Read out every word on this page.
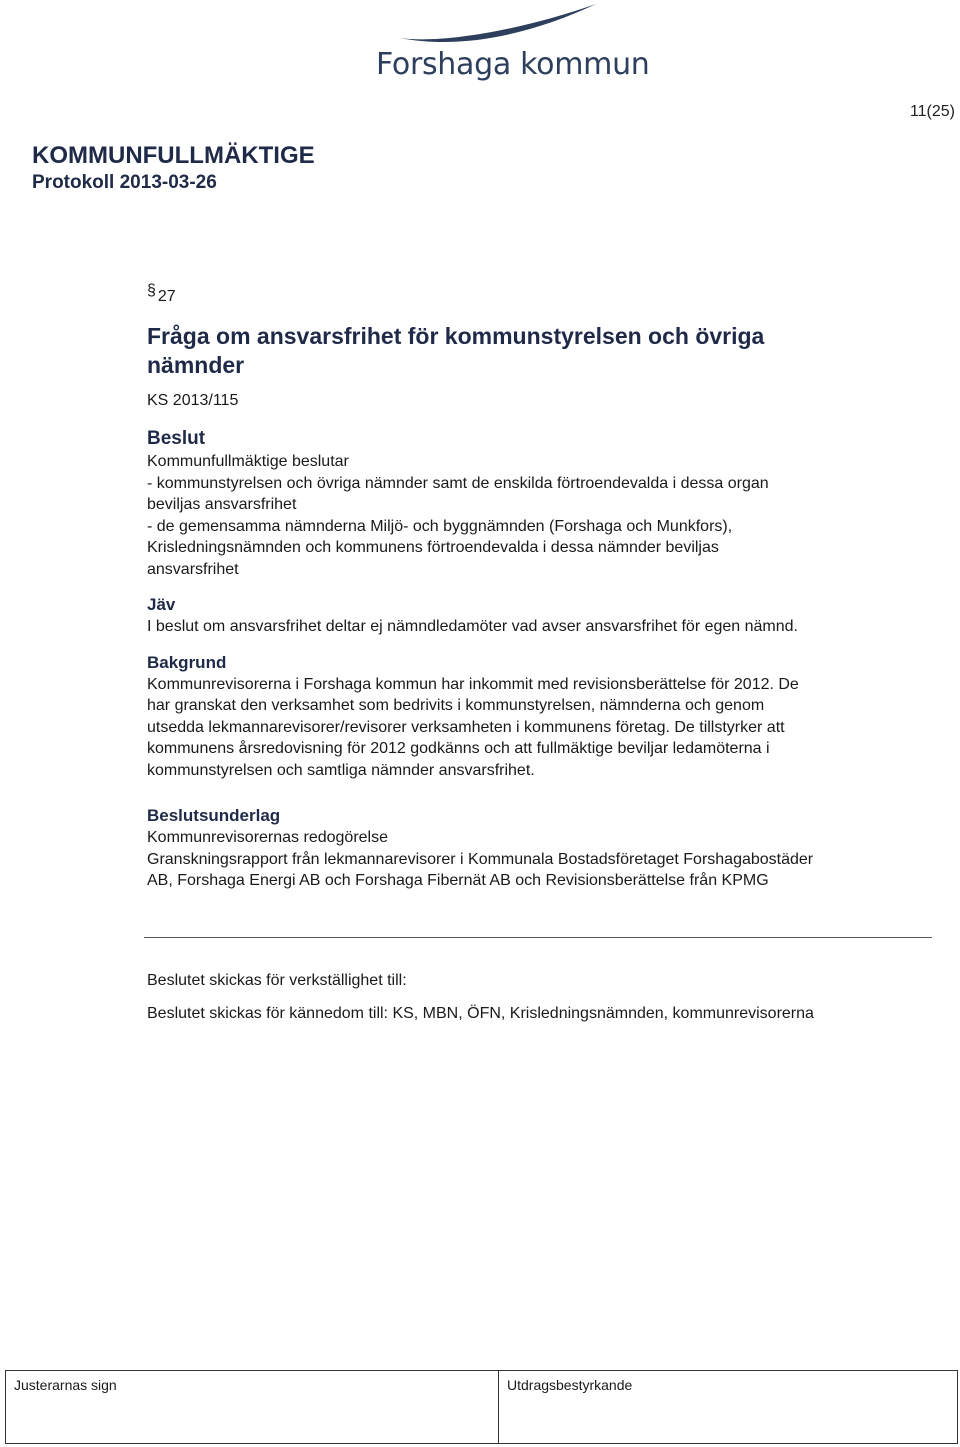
Forshaga kommun
11(25)
KOMMUNFULLMÄKTIGE
Protokoll 2013-03-26
§ 27
Fråga om ansvarsfrihet för kommunstyrelsen och övriga
nämnder
KS 2013/115
Beslut

Kommunfullmäktige beslutar

- kommunstyrelsen och övriga nämnder samt de enskilda förtroendevalda i dessa organ

beviljas ansvarsfrihet

- de gemensamma nämnderna Miljö- och byggnämnden (Forshaga och Munkfors),

Krisledningsnämnden och kommunens förtroendevalda i dessa nämnder beviljas

ansvarsfrihet

Jäv

I beslut om ansvarsfrihet deltar ej nämndledamöter vad avser ansvarsfrihet för egen nämnd.

Bakgrund

Kommunrevisorerna i Forshaga kommun har inkommit med revisionsberättelse för 2012. De

har granskat den verksamhet som bedrivits i kommunstyrelsen, nämnderna och genom

utsedda lekmannarevisorer/revisorer verksamheten i kommunens företag. De tillstyrker att

kommunens årsredovisning för 2012 godkänns och att fullmäktige beviljar ledamöterna i

kommunstyrelsen och samtliga nämnder ansvarsfrihet.

Beslutsunderlag

Kommunrevisorernas redogörelse

Granskningsrapport från lekmannarevisorer i Kommunala Bostadsföretaget Forshagabostäder

AB, Forshaga Energi AB och Forshaga Fibernät AB och Revisionsberättelse från KPMG

Beslutet skickas för verkställighet till:
Beslutet skickas för kännedom till: KS, MBN, ÖFN, Krisledningsnämnden, kommunrevisorerna
Justerarnas sign	Utdragsbestyrkande
